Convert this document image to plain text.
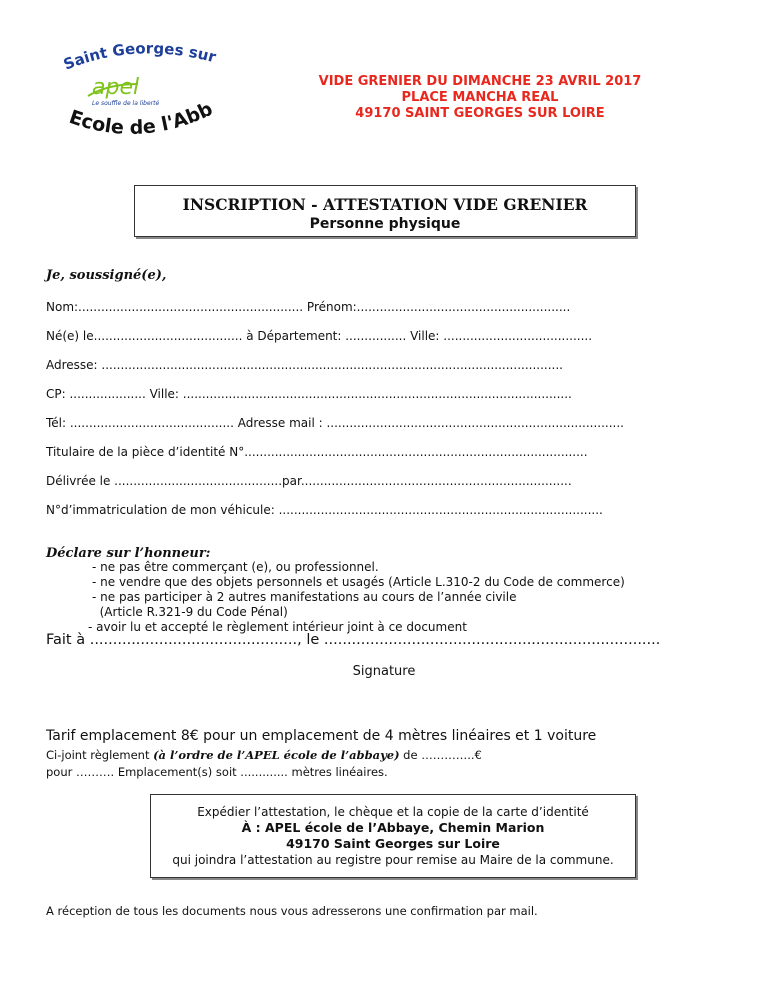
Saint Georges sur
apel
Le souffle de la liberté
Ecole de l'Abb
VIDE GRENIER DU DIMANCHE 23 AVRIL 2017
PLACE MANCHA REAL
49170 SAINT GEORGES SUR LOIRE
INSCRIPTION - ATTESTATION VIDE GRENIER
Personne physique
Je, soussigné(e),
Nom:........................................................... Prénom:........................................................
Né(e) le....................................... à Département: ................ Ville: .......................................
Adresse: .........................................................................................................................
CP: .................... Ville: ......................................................................................................
Tél: ........................................... Adresse mail : ..............................................................................
Titulaire de la pièce d’identité N°..........................................................................................
Délivrée le ............................................par.......................................................................
N°d’immatriculation de mon véhicule: .....................................................................................
Déclare sur l’honneur:
- ne pas être commerçant (e), ou professionnel.
- ne vendre que des objets personnels et usagés (Article L.310-2 du Code de commerce)
- ne pas participer à 2 autres manifestations au cours de l’année civile
(Article R.321-9 du Code Pénal)
- avoir lu et accepté le règlement intérieur joint à ce document
Fait à ............................................., le .........................................................................
Signature
Tarif emplacement 8€ pour un emplacement de 4 mètres linéaires et 1 voiture
Ci-joint règlement (à l’ordre de l’APEL école de l’abbaye) de …………..€
pour ………. Emplacement(s) soit ............. mètres linéaires.
Expédier l’attestation, le chèque et la copie de la carte d’identité
À : APEL école de l’Abbaye, Chemin Marion
49170 Saint Georges sur Loire
qui joindra l’attestation au registre pour remise au Maire de la commune.
A réception de tous les documents nous vous adresserons une confirmation par mail.
